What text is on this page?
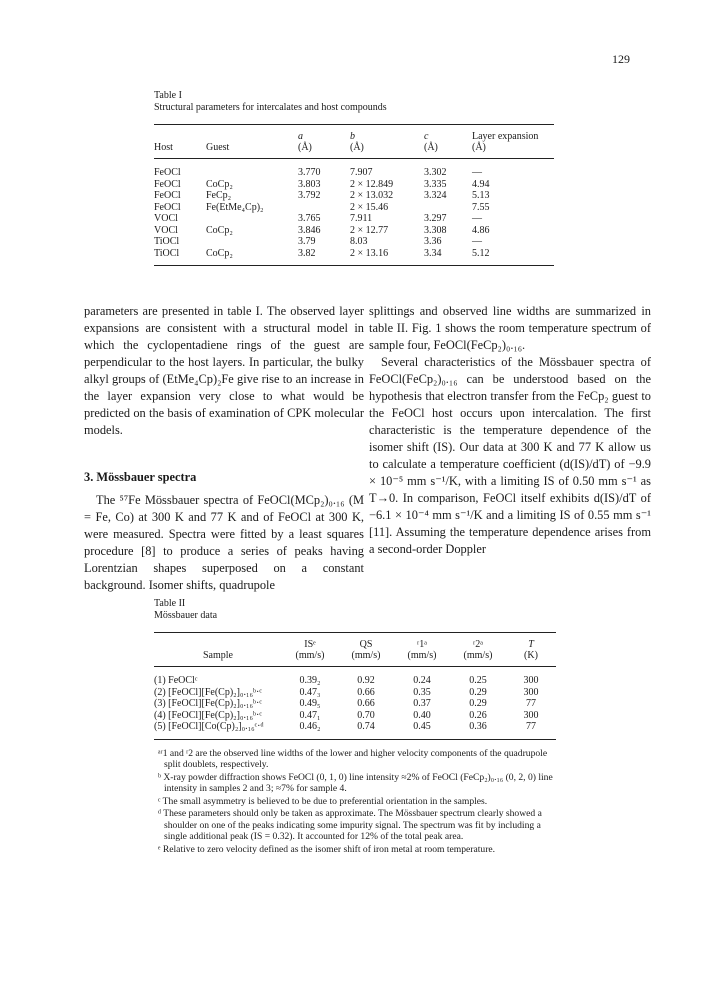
129
Table I
Structural parameters for intercalates and host compounds
		a	b	c	Layer expansion
Host	Guest	(Å)	(Å)	(Å)	(Å)
FeOCl		3.770	7.907	3.302	—
FeOCl	CoCp₂	3.803	2 × 12.849	3.335	4.94
FeOCl	FeCp₂	3.792	2 × 13.032	3.324	5.13
FeOCl	Fe(EtMe₄Cp)₂		2 × 15.46		7.55
VOCl		3.765	7.911	3.297	—
VOCl	CoCp₂	3.846	2 × 12.77	3.308	4.86
TiOCl		3.79	8.03	3.36	—
TiOCl	CoCp₂	3.82	2 × 13.16	3.34	5.12

parameters are presented in table I. The observed layer expansions are consistent with a structural model in which the cyclopentadiene rings of the guest are perpendicular to the host layers. In particular, the bulky alkyl groups of (EtMe₄Cp)₂Fe give rise to an increase in the layer expansion very close to what would be predicted on the basis of examination of CPK molecular models.

3. Mössbauer spectra

The ⁵⁷Fe Mössbauer spectra of FeOCl(MCp₂)₀.₁₆ (M = Fe, Co) at 300 K and 77 K and of FeOCl at 300 K, were measured. Spectra were fitted by a least squares procedure [8] to produce a series of peaks having Lorentzian shapes superposed on a constant background. Isomer shifts, quadrupole

splittings and observed line widths are summarized in table II. Fig. 1 shows the room temperature spectrum of sample four, FeOCl(FeCp₂)₀.₁₆.

Several characteristics of the Mössbauer spectra of FeOCl(FeCp₂)₀.₁₆ can be understood based on the hypothesis that electron transfer from the FeCp₂ guest to the FeOCl host occurs upon intercalation. The first characteristic is the temperature dependence of the isomer shift (IS). Our data at 300 K and 77 K allow us to calculate a temperature coefficient (d(IS)/dT) of −9.9 × 10⁻⁵ mm s⁻¹/K, with a limiting IS of 0.50 mm s⁻¹ as T→0. In comparison, FeOCl itself exhibits d(IS)/dT of −6.1 × 10⁻⁴ mm s⁻¹/K and a limiting IS of 0.55 mm s⁻¹ [11]. Assuming the temperature dependence arises from a second-order Doppler

Table II
Mössbauer data
	ISᵉ	QS	ʳ1ᵃ	ʳ2ᵃ	T
Sample	(mm/s)	(mm/s)	(mm/s)	(mm/s)	(K)
(1) FeOClᶜ	0.39₂	0.92	0.24	0.25	300
(2) [FeOCl][Fe(Cp)₂]₀.₁₆ᵇ·ᶜ	0.47₃	0.66	0.35	0.29	300
(3) [FeOCl][Fe(Cp)₂]₀.₁₆ᵇ·ᶜ	0.49₅	0.66	0.37	0.29	77
(4) [FeOCl][Fe(Cp)₂]₀.₁₆ᵇ·ᶜ	0.47₁	0.70	0.40	0.26	300
(5) [FeOCl][Co(Cp)₂]₀.₁₆ᶜ·ᵈ	0.46₂	0.74	0.45	0.36	77

ᵃʳ1 and ʳ2 are the observed line widths of the lower and higher velocity components of the quadrupole split doublets, respectively.

ᵇ X-ray powder diffraction shows FeOCl (0, 1, 0) line intensity ≈2% of FeOCl (FeCp₂)₀.₁₆ (0, 2, 0) line intensity in samples 2 and 3; ≈7% for sample 4.

ᶜ The small asymmetry is believed to be due to preferential orientation in the samples.

ᵈ These parameters should only be taken as approximate. The Mössbauer spectrum clearly showed a shoulder on one of the peaks indicating some impurity signal. The spectrum was fit by including a single additional peak (IS = 0.32). It accounted for 12% of the total peak area.

ᵉ Relative to zero velocity defined as the isomer shift of iron metal at room temperature.
